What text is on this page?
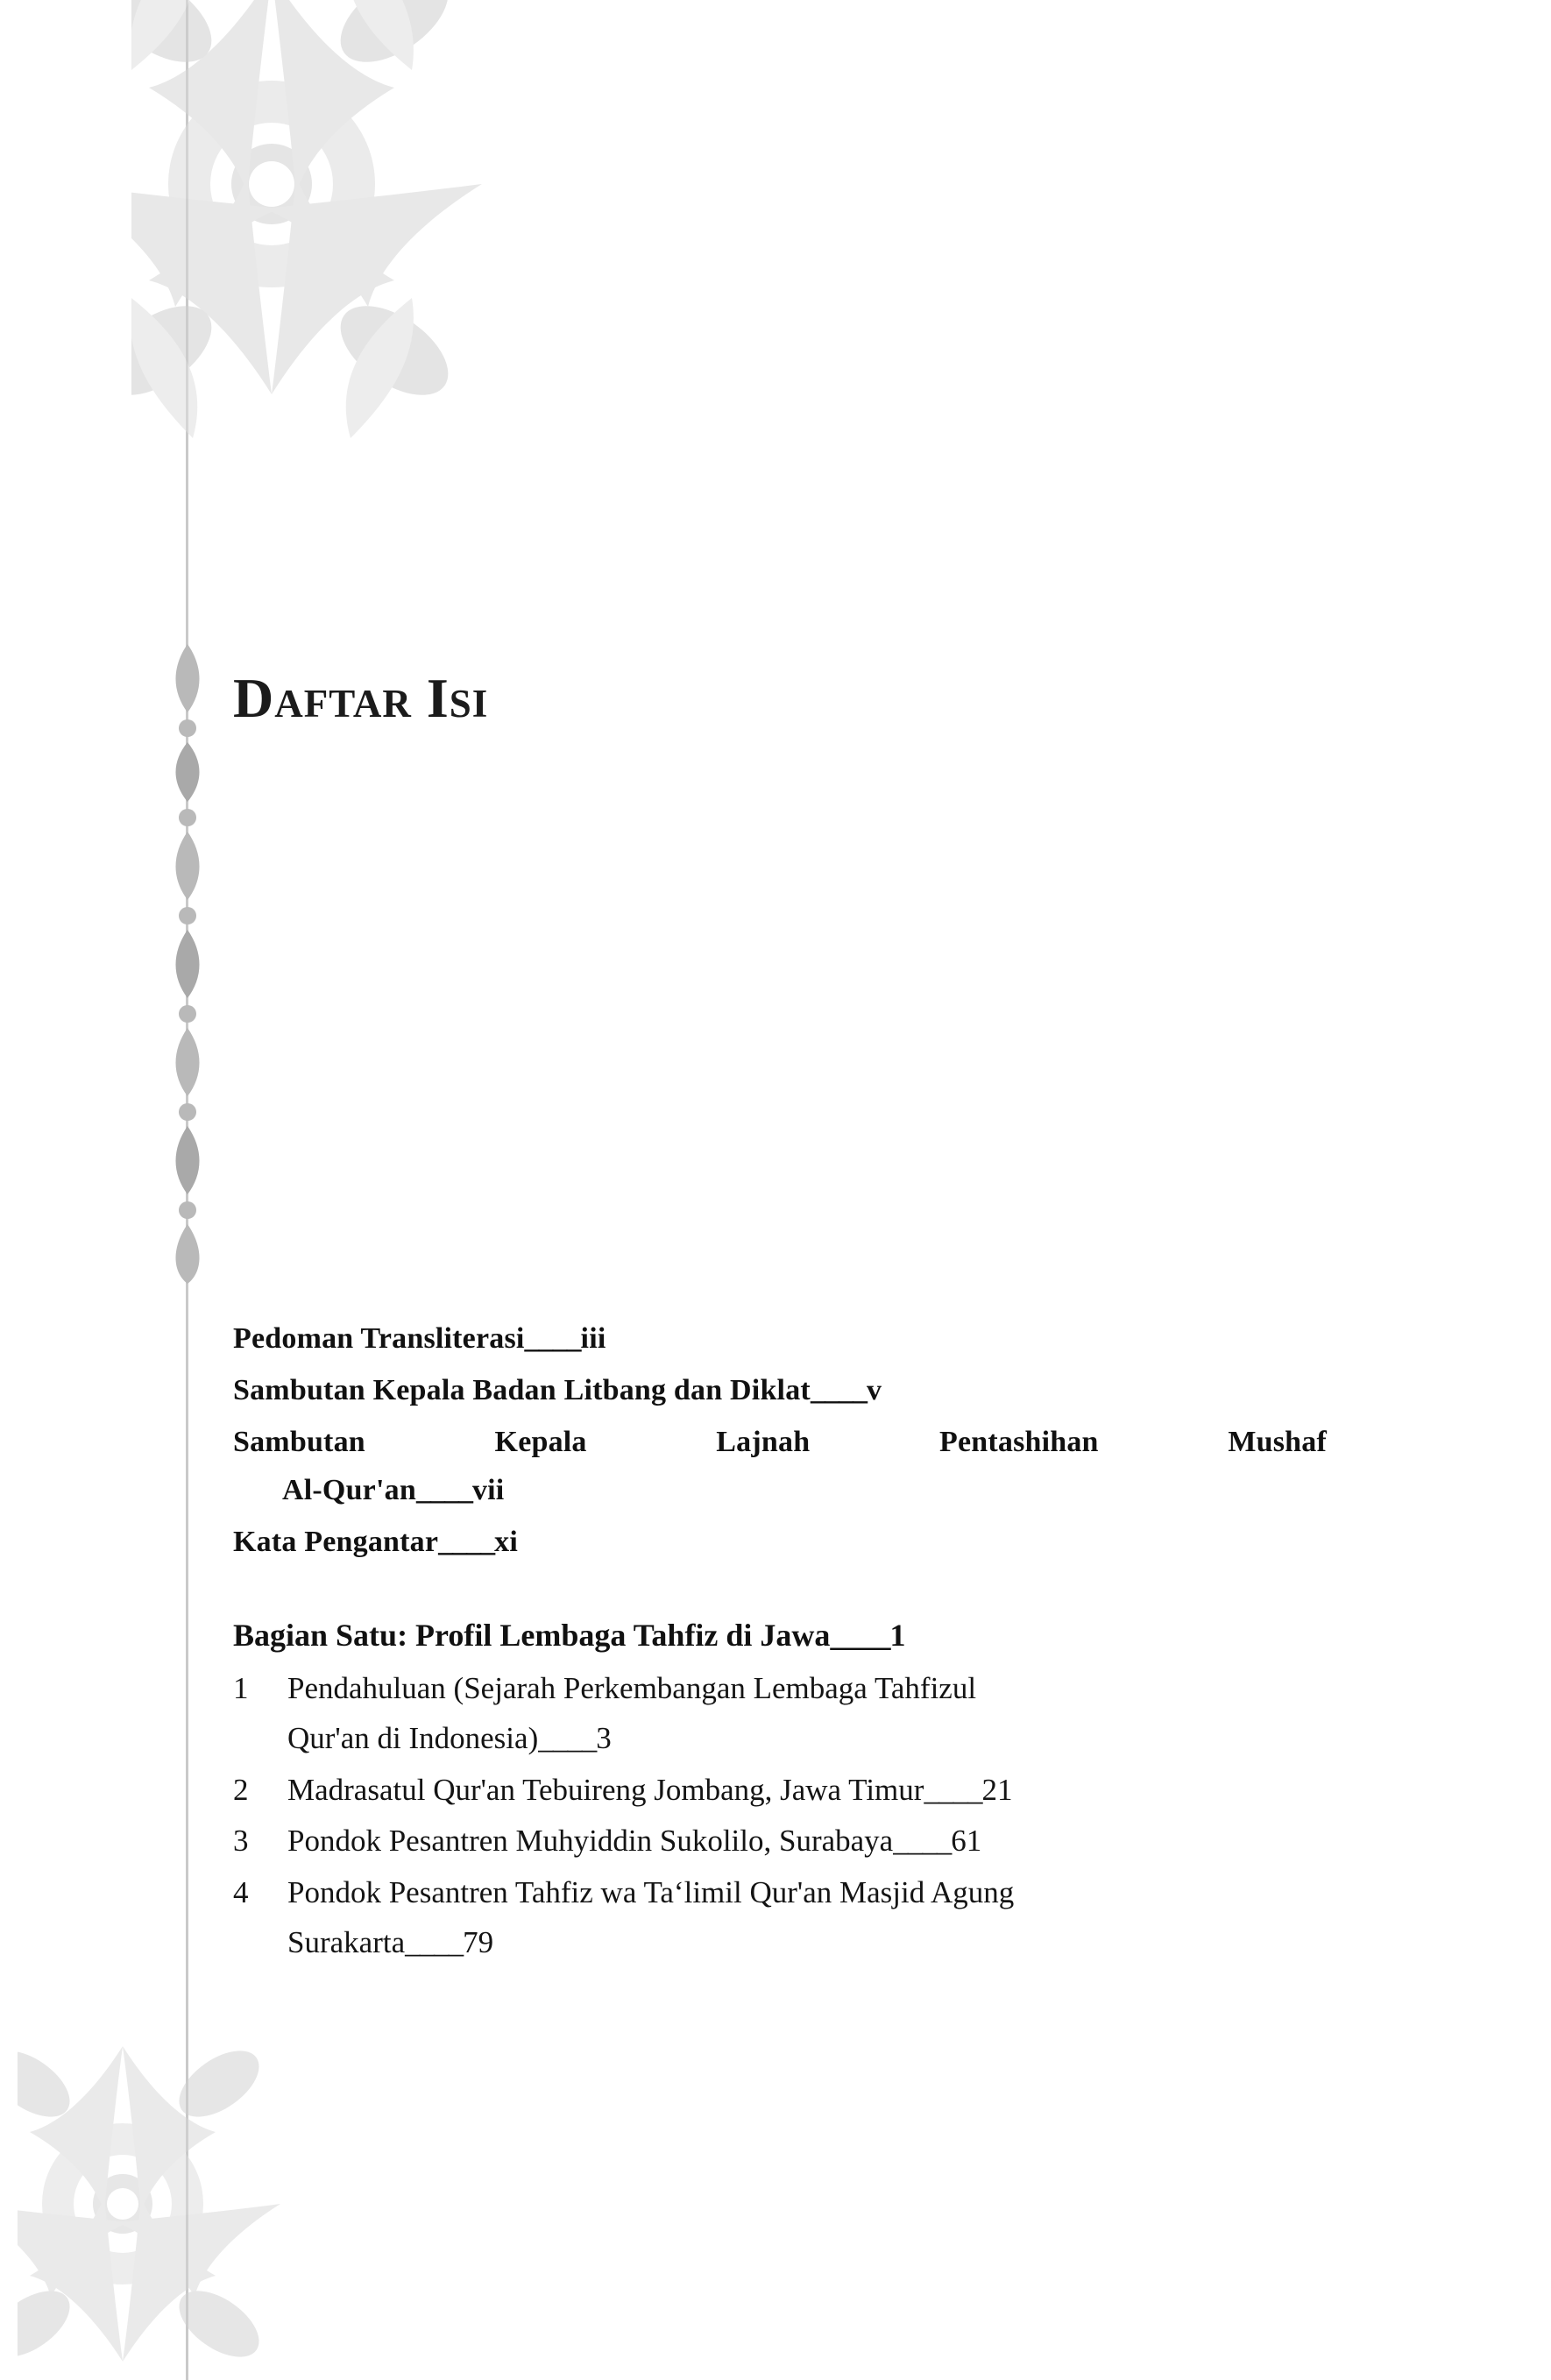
Daftar Isi
Pedoman Transliterasi____iii
Sambutan Kepala Badan Litbang dan Diklat____v
Sambutan Kepala Lajnah Pentashihan Mushaf
Al-Qur'an____vii
Kata Pengantar____xi
Bagian Satu: Profil Lembaga Tahfiz di Jawa____1
1	Pendahuluan (Sejarah Perkembangan Lembaga Tahfizul
Qur'an di Indonesia)____3
2	Madrasatul Qur'an Tebuireng Jombang, Jawa Timur____21
3	Pondok Pesantren Muhyiddin Sukolilo, Surabaya____61
4	Pondok Pesantren Tahfiz wa Ta‘limil Qur'an Masjid Agung
Surakarta____79
